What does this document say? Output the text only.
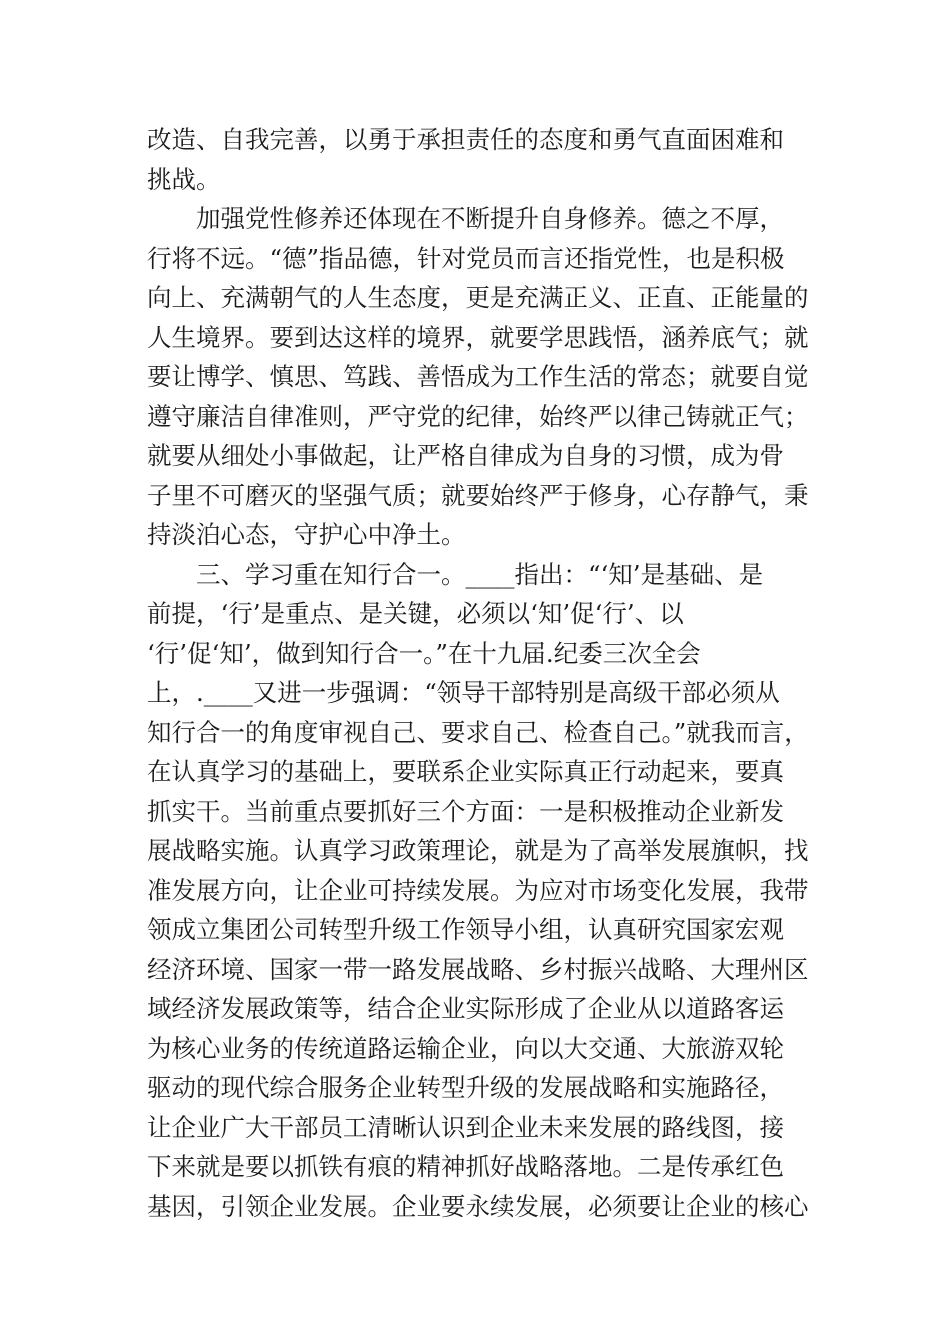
改造、自我完善，以勇于承担责任的态度和勇气直面困难和
挑战。
加强党性修养还体现在不断提升自身修养。德之不厚，
行将不远。“德”指品德，针对党员而言还指党性，也是积极
向上、充满朝气的人生态度，更是充满正义、正直、正能量的
人生境界。要到达这样的境界，就要学思践悟，涵养底气；就
要让博学、慎思、笃践、善悟成为工作生活的常态；就要自觉
遵守廉洁自律准则，严守党的纪律，始终严以律己铸就正气；
就要从细处小事做起，让严格自律成为自身的习惯，成为骨
子里不可磨灭的坚强气质；就要始终严于修身，心存静气，秉
持淡泊心态，守护心中净土。
三、学习重在知行合一。____指出：“‘知’是基础、是
前提，‘行’是重点、是关键，必须以‘知’促‘行’、以
‘行’促‘知’，做到知行合一。”在十九届.纪委三次全会
上，.____又进一步强调：“领导干部特别是高级干部必须从
知行合一的角度审视自己、要求自己、检查自己。”就我而言，
在认真学习的基础上，要联系企业实际真正行动起来，要真
抓实干。当前重点要抓好三个方面：一是积极推动企业新发
展战略实施。认真学习政策理论，就是为了高举发展旗帜，找
准发展方向，让企业可持续发展。为应对市场变化发展，我带
领成立集团公司转型升级工作领导小组，认真研究国家宏观
经济环境、国家一带一路发展战略、乡村振兴战略、大理州区
域经济发展政策等，结合企业实际形成了企业从以道路客运
为核心业务的传统道路运输企业，向以大交通、大旅游双轮
驱动的现代综合服务企业转型升级的发展战略和实施路径，
让企业广大干部员工清晰认识到企业未来发展的路线图，接
下来就是要以抓铁有痕的精神抓好战略落地。二是传承红色
基因，引领企业发展。企业要永续发展，必须要让企业的核心
